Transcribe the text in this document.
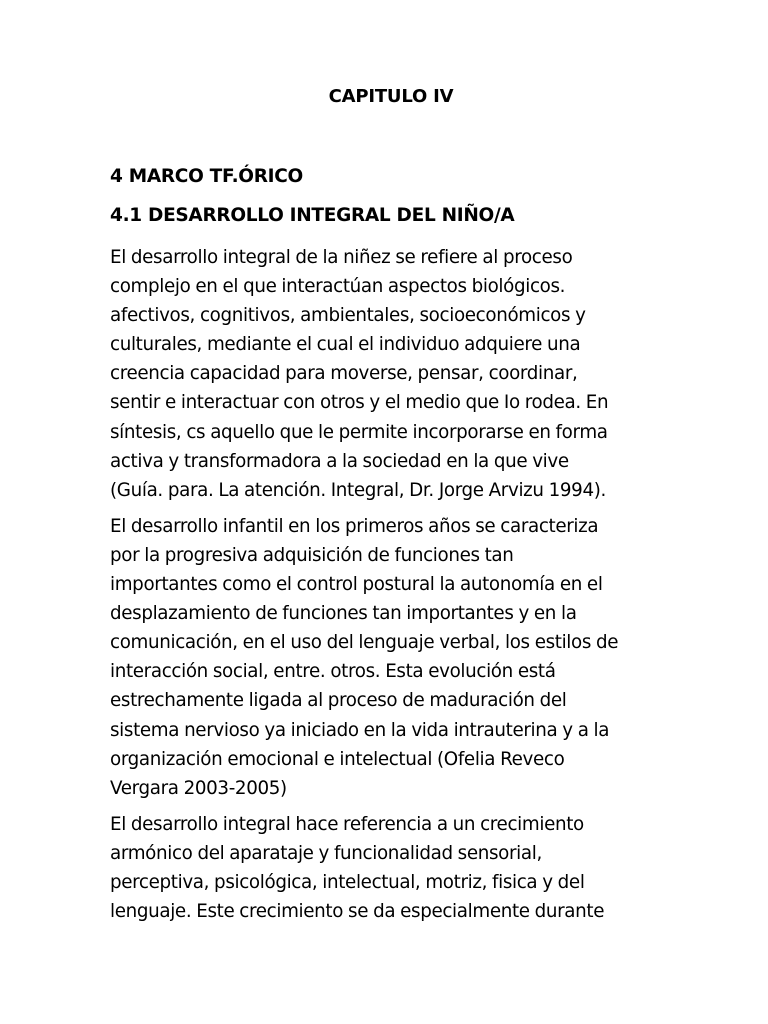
CAPITULO IV
4 MARCO TF.ÓRICO
4.1 DESARROLLO INTEGRAL DEL NIÑO/A

El desarrollo integral de la niñez se refiere al proceso
complejo en el que interactúan aspectos biológicos.
afectivos, cognitivos, ambientales, socioeconómicos y
culturales, mediante el cual el individuo adquiere una
creencia capacidad para moverse, pensar, coordinar,
sentir e interactuar con otros y el medio que Io rodea. En
síntesis, cs aquello que le permite incorporarse en forma
activa y transformadora a la sociedad en la que vive
(Guía. para. La atención. Integral, Dr. Jorge Arvizu 1994).

El desarrollo infantil en los primeros años se caracteriza
por la progresiva adquisición de funciones tan
importantes como el control postural la autonomía en el
desplazamiento de funciones tan importantes y en la
comunicación, en el uso del lenguaje verbal, los estilos de
interacción social, entre. otros. Esta evolución está
estrechamente ligada al proceso de maduración del
sistema nervioso ya iniciado en la vida intrauterina y a la
organización emocional e intelectual (Ofelia Reveco
Vergara 2003-2005)

El desarrollo integral hace referencia a un crecimiento
armónico del aparataje y funcionalidad sensorial,
perceptiva, psicológica, intelectual, motriz, fisica y del
lenguaje. Este crecimiento se da especialmente durante
